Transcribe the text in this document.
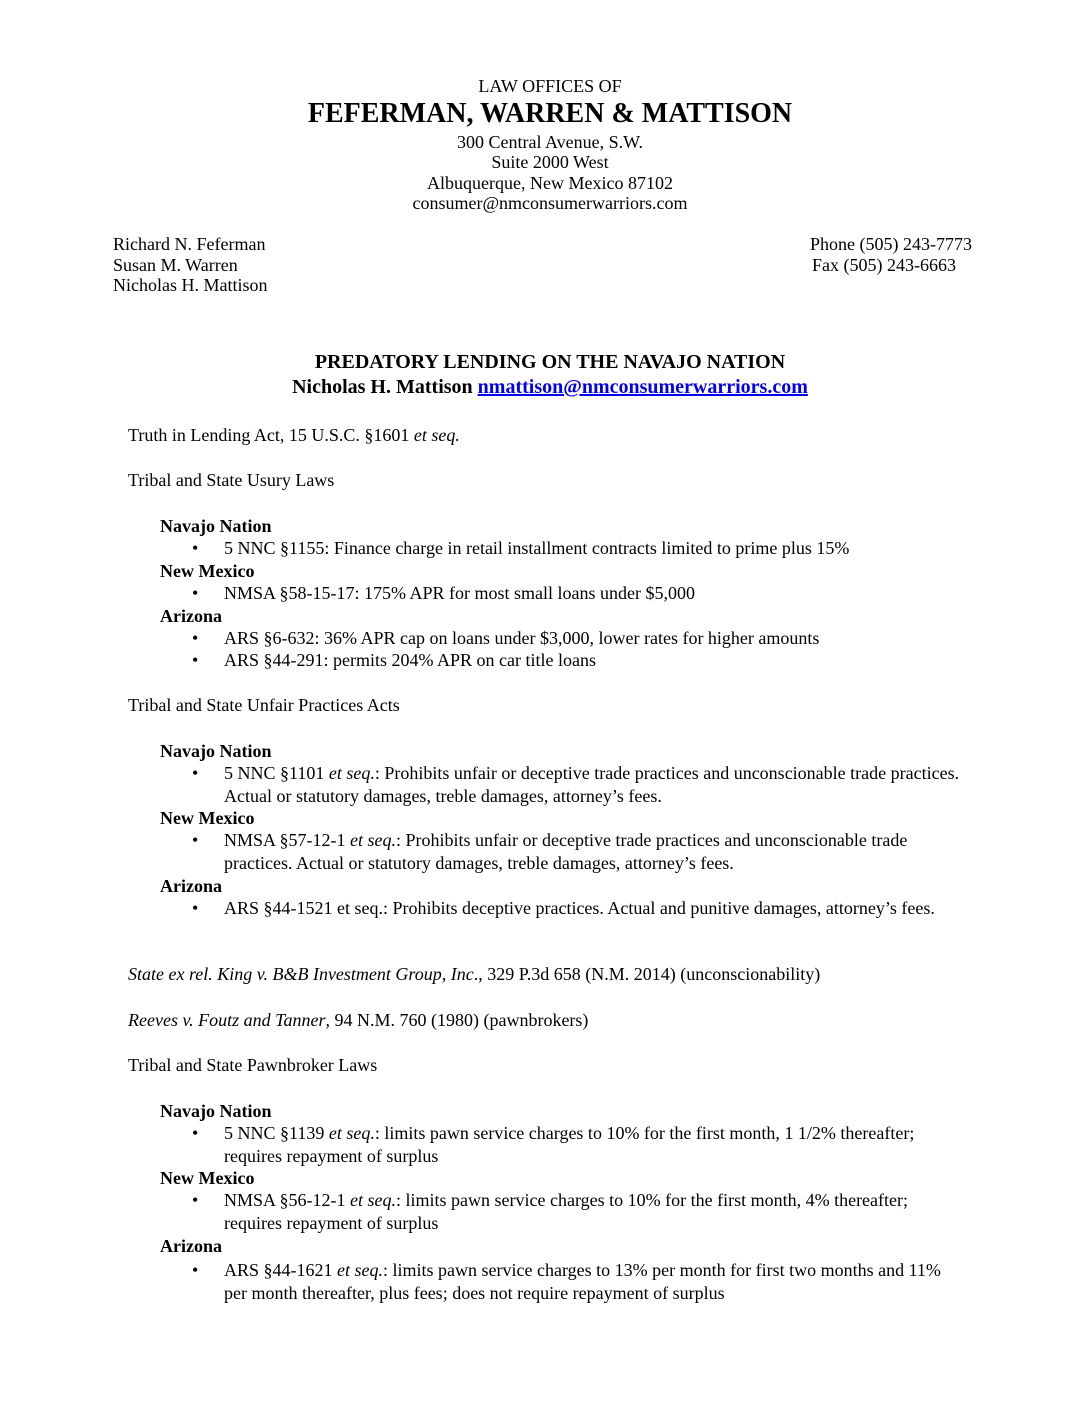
LAW OFFICES OF
FEFERMAN, WARREN & MATTISON
300 Central Avenue, S.W.
Suite 2000 West
Albuquerque, New Mexico 87102
consumer@nmconsumerwarriors.com
Richard N. Feferman
Susan M. Warren
Nicholas H. Mattison
Phone (505) 243-7773
Fax (505) 243-6663
PREDATORY LENDING ON THE NAVAJO NATION
Nicholas H. Mattison nmattison@nmconsumerwarriors.com
Truth in Lending Act, 15 U.S.C. §1601 et seq.
Tribal and State Usury Laws
Navajo Nation
• 5 NNC §1155: Finance charge in retail installment contracts limited to prime plus 15%
New Mexico
• NMSA §58-15-17: 175% APR for most small loans under $5,000
Arizona
• ARS §6-632: 36% APR cap on loans under $3,000, lower rates for higher amounts
• ARS §44-291: permits 204% APR on car title loans
Tribal and State Unfair Practices Acts
Navajo Nation
• 5 NNC §1101 et seq.: Prohibits unfair or deceptive trade practices and unconscionable trade practices. Actual or statutory damages, treble damages, attorney’s fees.
New Mexico
• NMSA §57-12-1 et seq.: Prohibits unfair or deceptive trade practices and unconscionable trade practices. Actual or statutory damages, treble damages, attorney’s fees.
Arizona
• ARS §44-1521 et seq.: Prohibits deceptive practices. Actual and punitive damages, attorney’s fees.
State ex rel. King v. B&B Investment Group, Inc., 329 P.3d 658 (N.M. 2014) (unconscionability)
Reeves v. Foutz and Tanner, 94 N.M. 760 (1980) (pawnbrokers)
Tribal and State Pawnbroker Laws
Navajo Nation
• 5 NNC §1139 et seq.: limits pawn service charges to 10% for the first month, 1 1/2% thereafter; requires repayment of surplus
New Mexico
• NMSA §56-12-1 et seq.: limits pawn service charges to 10% for the first month, 4% thereafter; requires repayment of surplus
Arizona
• ARS §44-1621 et seq.: limits pawn service charges to 13% per month for first two months and 11% per month thereafter, plus fees; does not require repayment of surplus
